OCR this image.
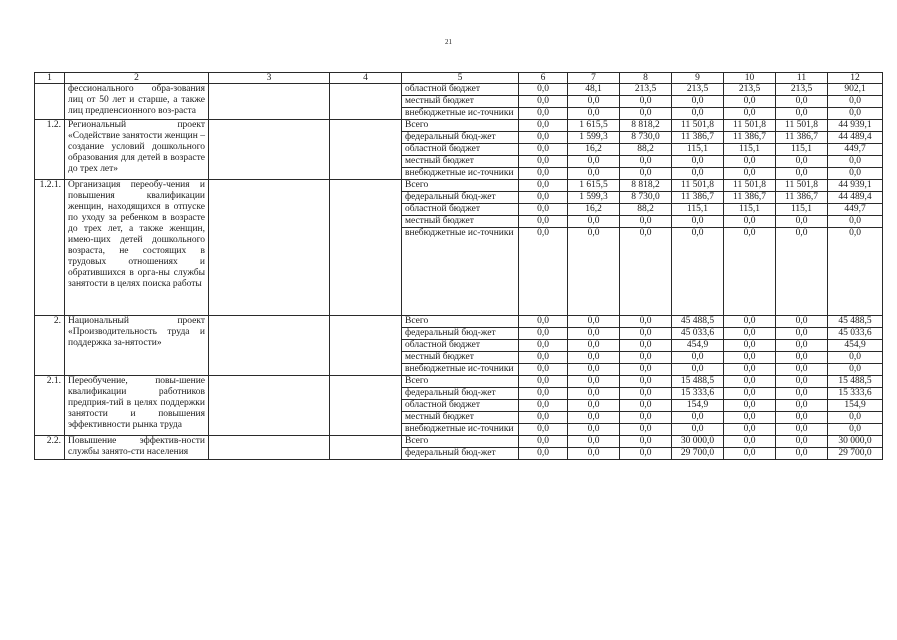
21
1	2	3	4	5	6	7	8	9	10	11	12
	фессионального обра-зования лиц от 50 лет и старше, а также лиц предпенсионного воз-раста			областной бюджет	0,0	48,1	213,5	213,5	213,5	213,5	902,1
				местный бюджет	0,0	0,0	0,0	0,0	0,0	0,0	0,0
				внебюджетные ис-точники	0,0	0,0	0,0	0,0	0,0	0,0	0,0
1.2.	Региональный проект «Содействие занятости женщин – создание условий дошкольного образования для детей в возрасте до трех лет»			Всего	0,0	1 615,5	8 818,2	11 501,8	11 501,8	11 501,8	44 939,1
				федеральный бюд-жет	0,0	1 599,3	8 730,0	11 386,7	11 386,7	11 386,7	44 489,4
				областной бюджет	0,0	16,2	88,2	115,1	115,1	115,1	449,7
				местный бюджет	0,0	0,0	0,0	0,0	0,0	0,0	0,0
				внебюджетные ис-точники	0,0	0,0	0,0	0,0	0,0	0,0	0,0
1.2.1.	Организация переобу-чения и повышения квалификации женщин, находящихся в отпуске по уходу за ребенком в возрасте до трех лет, а также женщин, имею-щих детей дошкольного возраста, не состоящих в трудовых отношениях и обратившихся в орга-ны службы занятости в целях поиска работы			Всего	0,0	1 615,5	8 818,2	11 501,8	11 501,8	11 501,8	44 939,1
				федеральный бюд-жет	0,0	1 599,3	8 730,0	11 386,7	11 386,7	11 386,7	44 489,4
				областной бюджет	0,0	16,2	88,2	115,1	115,1	115,1	449,7
				местный бюджет	0,0	0,0	0,0	0,0	0,0	0,0	0,0
				внебюджетные ис-точники	0,0	0,0	0,0	0,0	0,0	0,0	0,0
2.	Национальный проект «Производительность труда и поддержка за-нятости»			Всего	0,0	0,0	0,0	45 488,5	0,0	0,0	45 488,5
				федеральный бюд-жет	0,0	0,0	0,0	45 033,6	0,0	0,0	45 033,6
				областной бюджет	0,0	0,0	0,0	454,9	0,0	0,0	454,9
				местный бюджет	0,0	0,0	0,0	0,0	0,0	0,0	0,0
				внебюджетные ис-точники	0,0	0,0	0,0	0,0	0,0	0,0	0,0
2.1.	Переобучение, повы-шение квалификации работников предприя-тий в целях поддержки занятости и повышения эффективности рынка труда			Всего	0,0	0,0	0,0	15 488,5	0,0	0,0	15 488,5
				федеральный бюд-жет	0,0	0,0	0,0	15 333,6	0,0	0,0	15 333,6
				областной бюджет	0,0	0,0	0,0	154,9	0,0	0,0	154,9
				местный бюджет	0,0	0,0	0,0	0,0	0,0	0,0	0,0
				внебюджетные ис-точники	0,0	0,0	0,0	0,0	0,0	0,0	0,0
2.2.	Повышение эффектив-ности службы занято-сти населения			Всего	0,0	0,0	0,0	30 000,0	0,0	0,0	30 000,0
				федеральный бюд-жет	0,0	0,0	0,0	29 700,0	0,0	0,0	29 700,0
